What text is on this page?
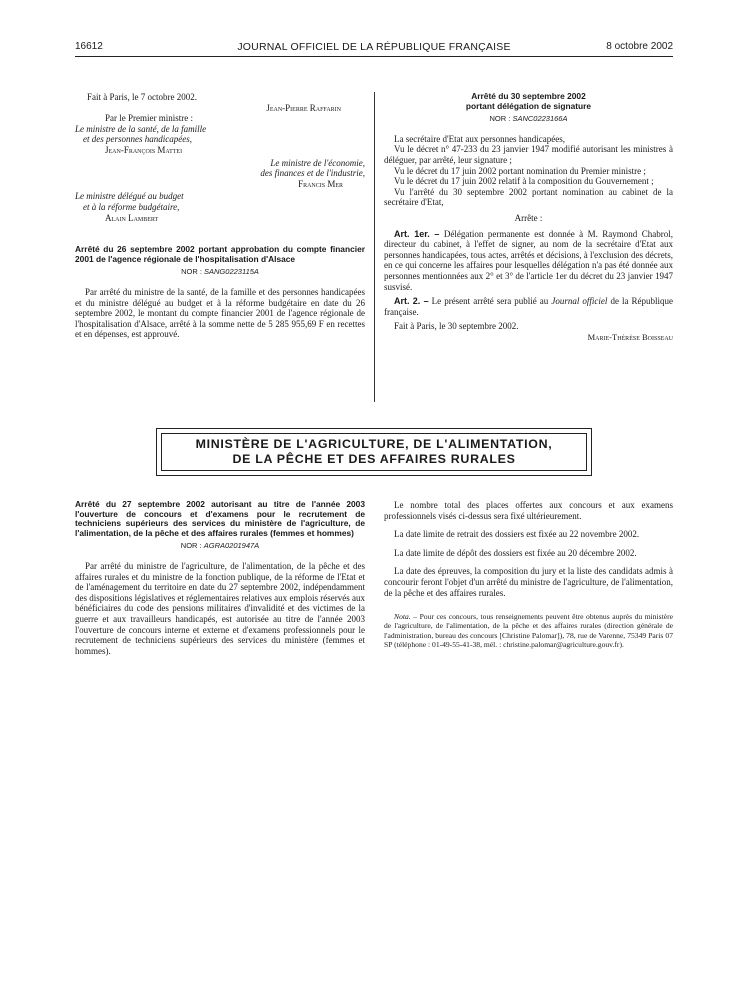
16612	JOURNAL OFFICIEL DE LA RÉPUBLIQUE FRANÇAISE	8 octobre 2002

Fait à Paris, le 7 octobre 2002.

Jean-Pierre Raffarin

Par le Premier ministre :

Le ministre de la santé, de la famille

et des personnes handicapées,

Jean-François Mattei

Le ministre de l'économie,

des finances et de l'industrie,

Francis Mer

Le ministre délégué au budget

et à la réforme budgétaire,

Alain Lambert

Arrêté du 26 septembre 2002 portant approbation du compte financier 2001 de l'agence régionale de l'hospitalisation d'Alsace

NOR : SANG0223115A

Par arrêté du ministre de la santé, de la famille et des personnes handicapées et du ministre délégué au budget et à la réforme budgétaire en date du 26 septembre 2002, le montant du compte financier 2001 de l'agence régionale de l'hospitalisation d'Alsace, arrêté à la somme nette de 5 285 955,69 F en recettes et en dépenses, est approuvé.

Arrêté du 30 septembre 2002

portant délégation de signature

NOR : SANC0223166A

La secrétaire d'Etat aux personnes handicapées,

Vu le décret n° 47-233 du 23 janvier 1947 modifié autorisant les ministres à déléguer, par arrêté, leur signature ;

Vu le décret du 17 juin 2002 portant nomination du Premier ministre ;

Vu le décret du 17 juin 2002 relatif à la composition du Gouvernement ;

Vu l'arrêté du 30 septembre 2002 portant nomination au cabinet de la secrétaire d'Etat,

Arrête :

Art. 1er. – Délégation permanente est donnée à M. Raymond Chabrol, directeur du cabinet, à l'effet de signer, au nom de la secrétaire d'Etat aux personnes handicapées, tous actes, arrêtés et décisions, à l'exclusion des décrets, en ce qui concerne les affaires pour lesquelles délégation n'a pas été donnée aux personnes mentionnées aux 2° et 3° de l'article 1er du décret du 23 janvier 1947 susvisé.

Art. 2. – Le présent arrêté sera publié au Journal officiel de la République française.

Fait à Paris, le 30 septembre 2002.

Marie-Thérèse Boisseau

MINISTÈRE DE L'AGRICULTURE, DE L'ALIMENTATION,
DE LA PÊCHE ET DES AFFAIRES RURALES

Arrêté du 27 septembre 2002 autorisant au titre de l'année 2003 l'ouverture de concours et d'examens pour le recrutement de techniciens supérieurs des services du ministère de l'agriculture, de l'alimentation, de la pêche et des affaires rurales (femmes et hommes)

NOR : AGRA0201947A

Par arrêté du ministre de l'agriculture, de l'alimentation, de la pêche et des affaires rurales et du ministre de la fonction publique, de la réforme de l'Etat et de l'aménagement du territoire en date du 27 septembre 2002, indépendamment des dispositions législatives et réglementaires relatives aux emplois réservés aux bénéficiaires du code des pensions militaires d'invalidité et des victimes de la guerre et aux travailleurs handicapés, est autorisée au titre de l'année 2003 l'ouverture de concours interne et externe et d'examens professionnels pour le recrutement de techniciens supérieurs des services du ministère (femmes et hommes).

Le nombre total des places offertes aux concours et aux examens professionnels visés ci-dessus sera fixé ultérieurement.

La date limite de retrait des dossiers est fixée au 22 novembre 2002.

La date limite de dépôt des dossiers est fixée au 20 décembre 2002.

La date des épreuves, la composition du jury et la liste des candidats admis à concourir feront l'objet d'un arrêté du ministre de l'agriculture, de l'alimentation, de la pêche et des affaires rurales.

Nota. – Pour ces concours, tous renseignements peuvent être obtenus auprès du ministère de l'agriculture, de l'alimentation, de la pêche et des affaires rurales (direction générale de l'administration, bureau des concours [Christine Palomar]), 78, rue de Varenne, 75349 Paris 07 SP (téléphone : 01-49-55-41-38, mél. : christine.palomar@agriculture.gouv.fr).
